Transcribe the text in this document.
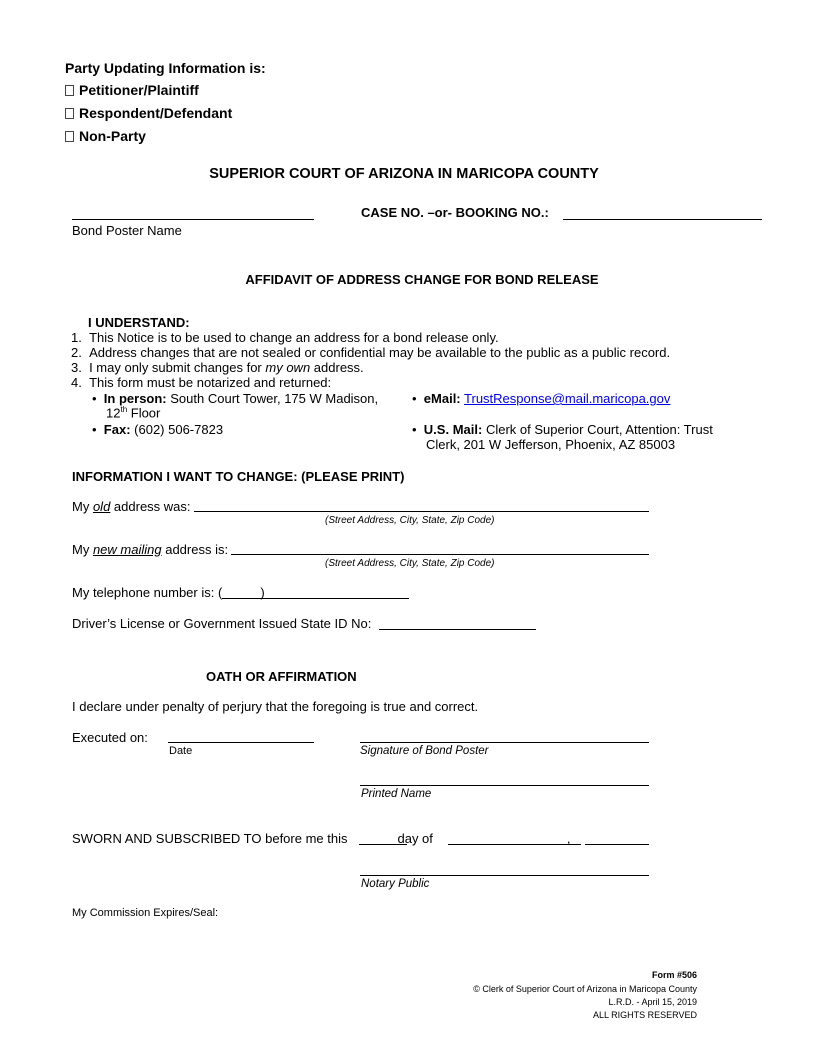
Party Updating Information is:
Petitioner/Plaintiff
Respondent/Defendant
Non-Party
SUPERIOR COURT OF ARIZONA IN MARICOPA COUNTY
Bond Poster Name
CASE NO. –or- BOOKING NO.:
AFFIDAVIT OF ADDRESS CHANGE FOR BOND RELEASE
I UNDERSTAND:
1. This Notice is to be used to change an address for a bond release only.
2. Address changes that are not sealed or confidential may be available to the public as a public record.
3. I may only submit changes for my own address.
4. This form must be notarized and returned:
• In person: South Court Tower, 175 W Madison,
12th Floor
• Fax: (602) 506-7823
• eMail: TrustResponse@mail.maricopa.gov
• U.S. Mail: Clerk of Superior Court, Attention: Trust
Clerk, 201 W Jefferson, Phoenix, AZ 85003
INFORMATION I WANT TO CHANGE: (PLEASE PRINT)
My old address was:
(Street Address, City, State, Zip Code)
My new mailing address is:
(Street Address, City, State, Zip Code)
My telephone number is: (	)
Driver’s License or Government Issued State ID No:
OATH OR AFFIRMATION
I declare under penalty of perjury that the foregoing is true and correct.
Executed on:
Date	Signature of Bond Poster
Printed Name
SWORN AND SUBSCRIBED TO before me this	day of	,
Notary Public
My Commission Expires/Seal:
Form #506
© Clerk of Superior Court of Arizona in Maricopa County
L.R.D. - April 15, 2019
ALL RIGHTS RESERVED
